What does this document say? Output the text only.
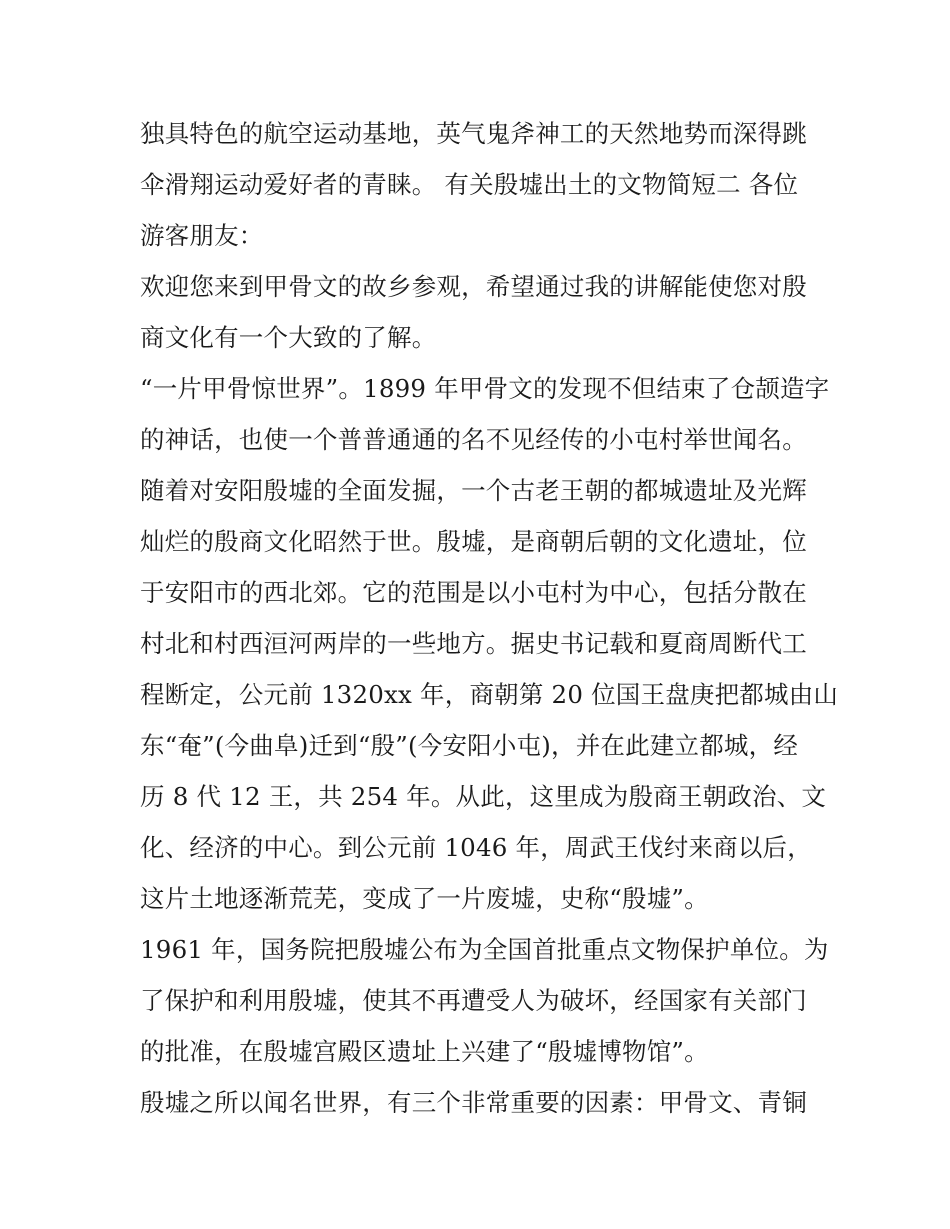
独具特色的航空运动基地，英气鬼斧神工的天然地势而深得跳
伞滑翔运动爱好者的青睐。 有关殷墟出土的文物简短二 各位
游客朋友：
欢迎您来到甲骨文的故乡参观，希望通过我的讲解能使您对殷
商文化有一个大致的了解。
“一片甲骨惊世界”。1899 年甲骨文的发现不但结束了仓颉造字
的神话，也使一个普普通通的名不见经传的小屯村举世闻名。
随着对安阳殷墟的全面发掘，一个古老王朝的都城遗址及光辉
灿烂的殷商文化昭然于世。殷墟，是商朝后朝的文化遗址，位
于安阳市的西北郊。它的范围是以小屯村为中心，包括分散在
村北和村西洹河两岸的一些地方。据史书记载和夏商周断代工
程断定，公元前 1320xx 年，商朝第 20 位国王盘庚把都城由山
东“奄”(今曲阜)迁到“殷”(今安阳小屯)，并在此建立都城，经
历 8 代 12 王，共 254 年。从此，这里成为殷商王朝政治、文
化、经济的中心。到公元前 1046 年，周武王伐纣来商以后，
这片土地逐渐荒芜，变成了一片废墟，史称“殷墟”。
1961 年，国务院把殷墟公布为全国首批重点文物保护单位。为
了保护和利用殷墟，使其不再遭受人为破坏，经国家有关部门
的批准，在殷墟宫殿区遗址上兴建了“殷墟博物馆”。
殷墟之所以闻名世界，有三个非常重要的因素：甲骨文、青铜
